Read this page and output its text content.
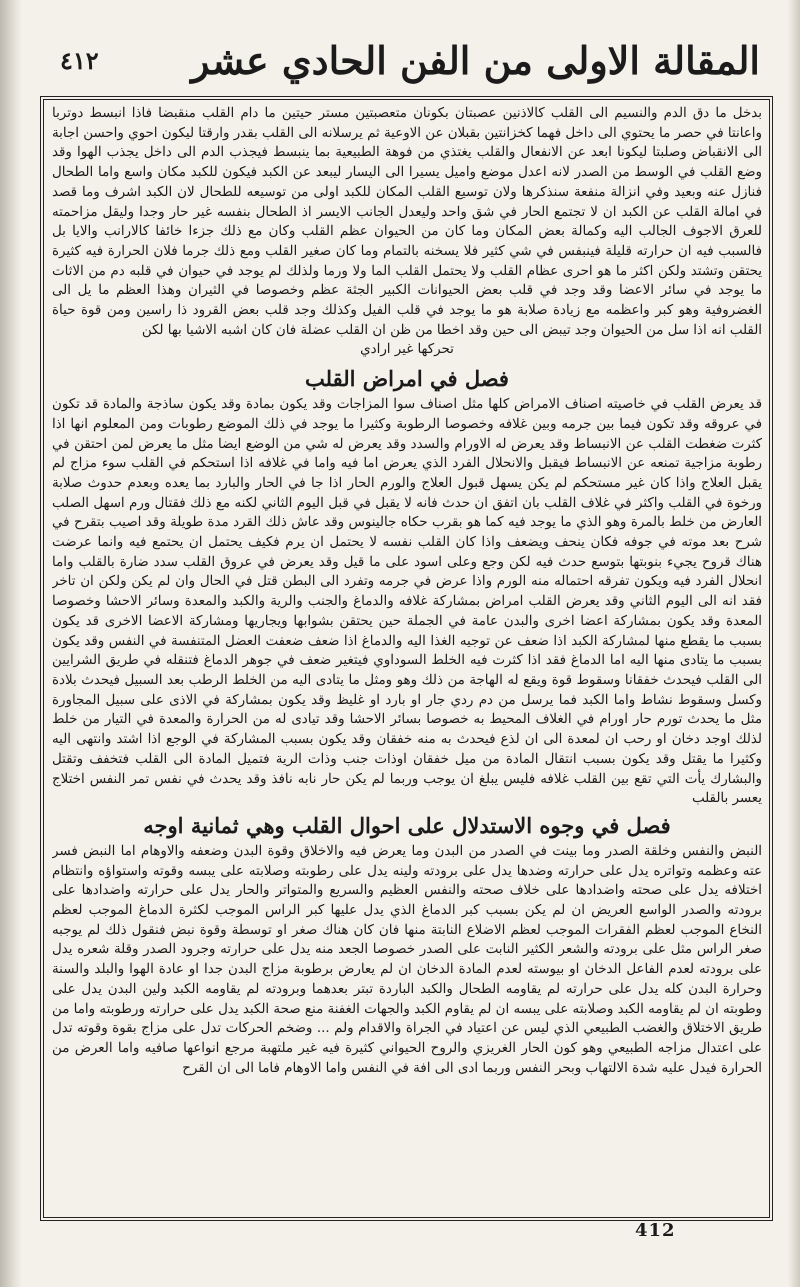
المقالة الاولى من الفن الحادي عشر
٤١٢

بدخل ما دق الدم والنسيم الى القلب كالاذنين عصبتان بكونان متعصبتين مستر حيتين ما دام القلب منقبضا فاذا انبسط دوتربا واعانتا في حصر ما يحتوي الى داخل فهما كخزانتين بقبلان عن الاوعية ثم يرسلانه الى القلب بقدر وارقتا ليكون احوي واحسن اجابة الى الانقباض وصلبتا ليكونا ابعد عن الانفعال والقلب يغتذي من فوهة الطبيعية بما ينبسط فيجذب الدم الى داخل يجذب الهوا وقد وضع القلب في الوسط من الصدر لانه اعدل موضع واميل يسيرا الى اليسار ليبعد عن الكبد فيكون للكبد مكان واسع واما الطحال فنازل عنه وبعيد وفي انزالة منفعة سنذكرها ولان توسيع القلب المكان للكبد اولى من توسيعه للطحال لان الكبد اشرف وما قصد في امالة القلب عن الكبد ان لا تجتمع الحار في شق واحد وليعدل الجانب الايسر اذ الطحال بنفسه غير حار وجدا وليقل مزاحمته للعرق الاجوف الجالب اليه وكمالة بعض المكان وما كان من الحيوان عظم القلب وكان مع ذلك جزءا خائفا كالارانب والايا بل فالسبب فيه ان حرارته قليلة فينبفس في شي كثير فلا يسخنه بالتمام وما كان صغير القلب ومع ذلك جرما فلان الحرارة فيه كثيرة يحتقن وتشتد ولكن اكثر ما هو احرى عظام القلب ولا يحتمل القلب الما ولا ورما ولذلك لم يوجد في حيوان في قلبه دم من الاثات ما يوجد في سائر الاعضا وقد وجد في قلب بعض الحيوانات الكبير الجثة عظم وخصوصا في الثيران وهذا العظم ما يل الى الغضروفية وهو كبر واعظمه مع زيادة صلابة هو ما يوجد في قلب الفيل وكذلك وجد قلب بعض القرود ذا راسين ومن قوة حياة القلب انه اذا سل من الحيوان وجد تيبض الى حين وقد اخطا من ظن ان القلب عضلة فان كان اشبه الاشيا بها لكن

تحركها غير ارادي

فصل في امراض القلب

قد يعرض القلب في خاصيته اصناف الامراض كلها مثل اصناف سوا المزاجات وقد يكون بمادة وقد يكون ساذجة والمادة قد تكون في عروقه وقد تكون فيما بين جرمه وبين غلافه وخصوصا الرطوبة وكثيرا ما يوجد في ذلك الموضع رطوبات ومن المعلوم انها اذا كثرت ضغطت القلب عن الانبساط وقد يعرض له الاورام والسدد وقد يعرض له شي من الوضع ايضا مثل ما يعرض لمن احتقن في رطوبة مزاجية تمنعه عن الانبساط فيقبل والانحلال الفرد الذي يعرض اما فيه واما في غلافه اذا استحكم في القلب سوء مزاج لم يقبل العلاج واذا كان غير مستحكم لم يكن يسهل قبول العلاج والورم الحار اذا جا في الحار والبارد بما يعده وبعدم حدوث صلابة ورخوة في القلب واكثر في غلاف القلب بان اتفق ان حدث فانه لا يقبل في قبل اليوم الثاني لكنه مع ذلك فقتال ورم اسهل الصلب العارض من خلط بالمرة وهو الذي ما يوجد فيه كما هو بقرب حكاه جالينوس وقد عاش ذلك القرد مدة طويلة وقد اصيب بتقرح في شرح بعد موته في جوفه فكان ينحف ويضعف واذا كان القلب نفسه لا يحتمل ان يرم فكيف يحتمل ان يحتمع فيه وانما عرضت هناك قروح يجيء بنوبتها بتوسع حدث فيه لكن وجع وعلى اسود على ما قيل وقد يعرض في عروق القلب سدد ضارة بالقلب واما انحلال الفرد فيه ويكون تفرقه احتماله منه الورم واذا عرض في جرمه وتفرد الى البطن قتل في الحال وان لم يكن ولكن ان تاخر فقد انه الى اليوم الثاني وقد يعرض القلب امراض بمشاركة غلافه والدماغ والجنب والرية والكبد والمعدة وسائر الاحشا وخصوصا المعدة وقد يكون بمشاركة اعضا اخرى والبدن عامة في الجملة حين يحتقن بشوابها ويجاريها ومشاركة الاعضا الاخرى قد يكون بسبب ما يقطع منها لمشاركة الكبد اذا ضعف عن توجيه الغذا اليه والدماغ اذا ضعف ضعفت العضل المتنفسة في النفس وقد يكون بسبب ما يتادى منها اليه اما الدماغ فقد اذا كثرت فيه الخلط السوداوي فيتغير ضعف في جوهر الدماغ فتنقله في طريق الشرايين الى القلب فيحدث خفقانا وسقوط قوة ويقع له الهاجة من ذلك وهو ومثل ما يتادى اليه من الخلط الرطب بعد السبيل فيحدث بلادة وكسل وسقوط نشاط واما الكبد فما يرسل من دم ردي جار او بارد او غليظ وقد يكون بمشاركة في الاذى على سبيل المجاورة مثل ما يحدث تورم حار اورام في الغلاف المحيط به خصوصا بسائر الاحشا وقد تيادى له من الحرارة والمعدة في التيار من خلط لذلك اوجد دخان او رحب ان لمعدة الى ان لذع فيحدث به منه خفقان وقد يكون بسبب المشاركة في الوجع اذا اشتد وانتهى اليه وكثيرا ما يقتل وقد يكون بسبب انتقال المادة من ميل خفقان اوذات جنب وذات الرية فتميل المادة الى القلب فتخفف وتقتل والبشارك يأت التي تقع بين القلب غلافه فليس يبلغ ان يوجب وربما لم يكن حار نابه نافذ وقد يحدث في نفس تمر النفس اختلاج يعسر بالقلب

فصل في وجوه الاستدلال على احوال القلب وهي ثمانية اوجه

النبض والنفس وخلقة الصدر وما بينت في الصدر من البدن وما يعرض فيه والاخلاق وقوة البدن وضعفه والاوهام اما النبض فسر عته وعظمه وتواتره يدل على حرارته وضدها يدل على برودته ولينه يدل على رطوبته وصلابته على يبسه وقوته واستواؤه وانتظام اختلافه يدل على صحته واضدادها على خلاف صحته والنفس العظيم والسريع والمتواتر والحار يدل على حرارته واضدادها على برودته والصدر الواسع العريض ان لم يكن بسبب كبر الدماغ الذي يدل عليها كبر الراس الموجب لكثرة الدماغ الموجب لعظم النخاع الموجب لعظم الفقرات الموجب لعظم الاضلاع النابتة منها فان كان هناك صغر او توسطة وقوة نبض فنقول ذلك لم يوجبه صغر الراس مثل على برودته والشعر الكثير النابت على الصدر خصوصا الجعد منه يدل على حرارته وجرود الصدر وقلة شعره يدل على برودته لعدم الفاعل الدخان او بيوسته لعدم المادة الدخان ان لم يعارض برطوبة مزاج البدن جدا او عادة الهوا والبلد والسنة وحرارة البدن كله يدل على حرارته لم يقاومه الطحال والكبد الباردة تبتر بعدهما وبرودته لم يقاومه الكبد ولين البدن يدل على وطوبته ان لم يقاومه الكبد وصلابته على يبسه ان لم يقاوم الكبد والجهات الغفنة منع صحة الكبد يدل على حرارته ورطوبته واما من طريق الاختلاق والغضب الطبيعي الذي ليس عن اعتياد في الجراة والاقدام ولم ... وضخم الحركات تدل على مزاج بقوة وقوته تدل على اعتدال مزاجه الطبيعي وهو كون الحار الغريزي والروح الحيواني كثيرة فيه غير ملتهبة مرجع انواعها صافيه واما العرض من الحرارة فيدل عليه شدة الالتهاب وبحر النفس وربما ادى الى افة في النفس واما الاوهام فاما الى ان القرح

412
